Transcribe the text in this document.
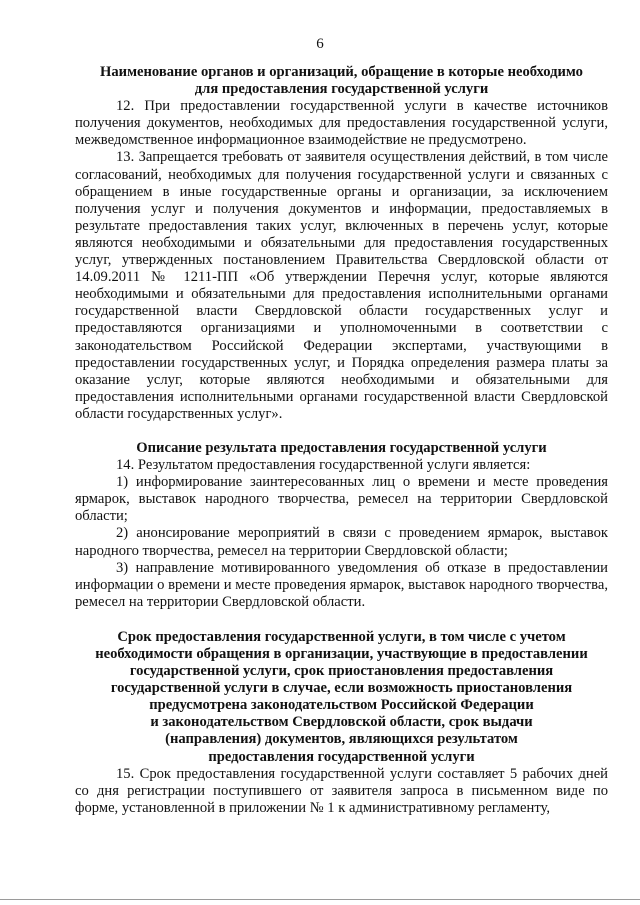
6
Наименование органов и организаций, обращение в которые необходимо
для предоставления государственной услуги

12. При предоставлении государственной услуги в качестве источников получения документов, необходимых для предоставления государственной услуги, межведомственное информационное взаимодействие не предусмотрено.

13. Запрещается требовать от заявителя осуществления действий, в том числе согласований, необходимых для получения государственной услуги и связанных с обращением в иные государственные органы и организации, за исключением получения услуг и получения документов и информации, предоставляемых в результате предоставления таких услуг, включенных в перечень услуг, которые являются необходимыми и обязательными для предоставления государственных услуг, утвержденных постановлением Правительства Свердловской области от 14.09.2011 № 1211-ПП «Об утверждении Перечня услуг, которые являются необходимыми и обязательными для предоставления исполнительными органами государственной власти Свердловской области государственных услуг и предоставляются организациями и уполномоченными в соответствии с законодательством Российской Федерации экспертами, участвующими в предоставлении государственных услуг, и Порядка определения размера платы за оказание услуг, которые являются необходимыми и обязательными для предоставления исполнительными органами государственной власти Свердловской области государственных услуг».

Описание результата предоставления государственной услуги

14. Результатом предоставления государственной услуги является:

1) информирование заинтересованных лиц о времени и месте проведения ярмарок, выставок народного творчества, ремесел на территории Свердловской области;

2) анонсирование мероприятий в связи с проведением ярмарок, выставок народного творчества, ремесел на территории Свердловской области;

3) направление мотивированного уведомления об отказе в предоставлении информации о времени и месте проведения ярмарок, выставок народного творчества, ремесел на территории Свердловской области.

Срок предоставления государственной услуги, в том числе с учетом
необходимости обращения в организации, участвующие в предоставлении
государственной услуги, срок приостановления предоставления
государственной услуги в случае, если возможность приостановления
предусмотрена законодательством Российской Федерации
и законодательством Свердловской области, срок выдачи
(направления) документов, являющихся результатом
предоставления государственной услуги

15. Срок предоставления государственной услуги составляет 5 рабочих дней со дня регистрации поступившего от заявителя запроса в письменном виде по форме, установленной в приложении № 1 к административному регламенту,
